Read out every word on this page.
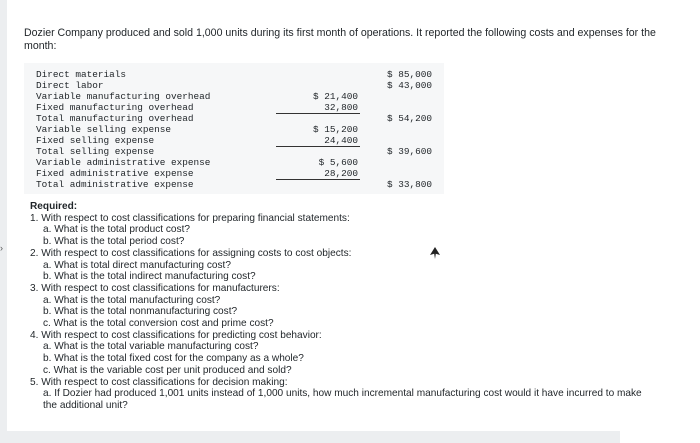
›
Dozier Company produced and sold 1,000 units during its first month of operations. It reported the following costs and expenses for the month:
Direct materials	$ 85,000
Direct labor	$ 43,000
Variable manufacturing overhead	$ 21,400
Fixed manufacturing overhead	32,800
Total manufacturing overhead	$ 54,200
Variable selling expense	$ 15,200
Fixed selling expense	24,400
Total selling expense	$ 39,600
Variable administrative expense	$ 5,600
Fixed administrative expense	28,200
Total administrative expense	$ 33,800
Required:
1. With respect to cost classifications for preparing financial statements:
a. What is the total product cost?
b. What is the total period cost?
2. With respect to cost classifications for assigning costs to cost objects:
a. What is total direct manufacturing cost?
b. What is the total indirect manufacturing cost?
3. With respect to cost classifications for manufacturers:
a. What is the total manufacturing cost?
b. What is the total nonmanufacturing cost?
c. What is the total conversion cost and prime cost?
4. With respect to cost classifications for predicting cost behavior:
a. What is the total variable manufacturing cost?
b. What is the total fixed cost for the company as a whole?
c. What is the variable cost per unit produced and sold?
5. With respect to cost classifications for decision making:
a. If Dozier had produced 1,001 units instead of 1,000 units, how much incremental manufacturing cost would it have incurred to make the additional unit?
